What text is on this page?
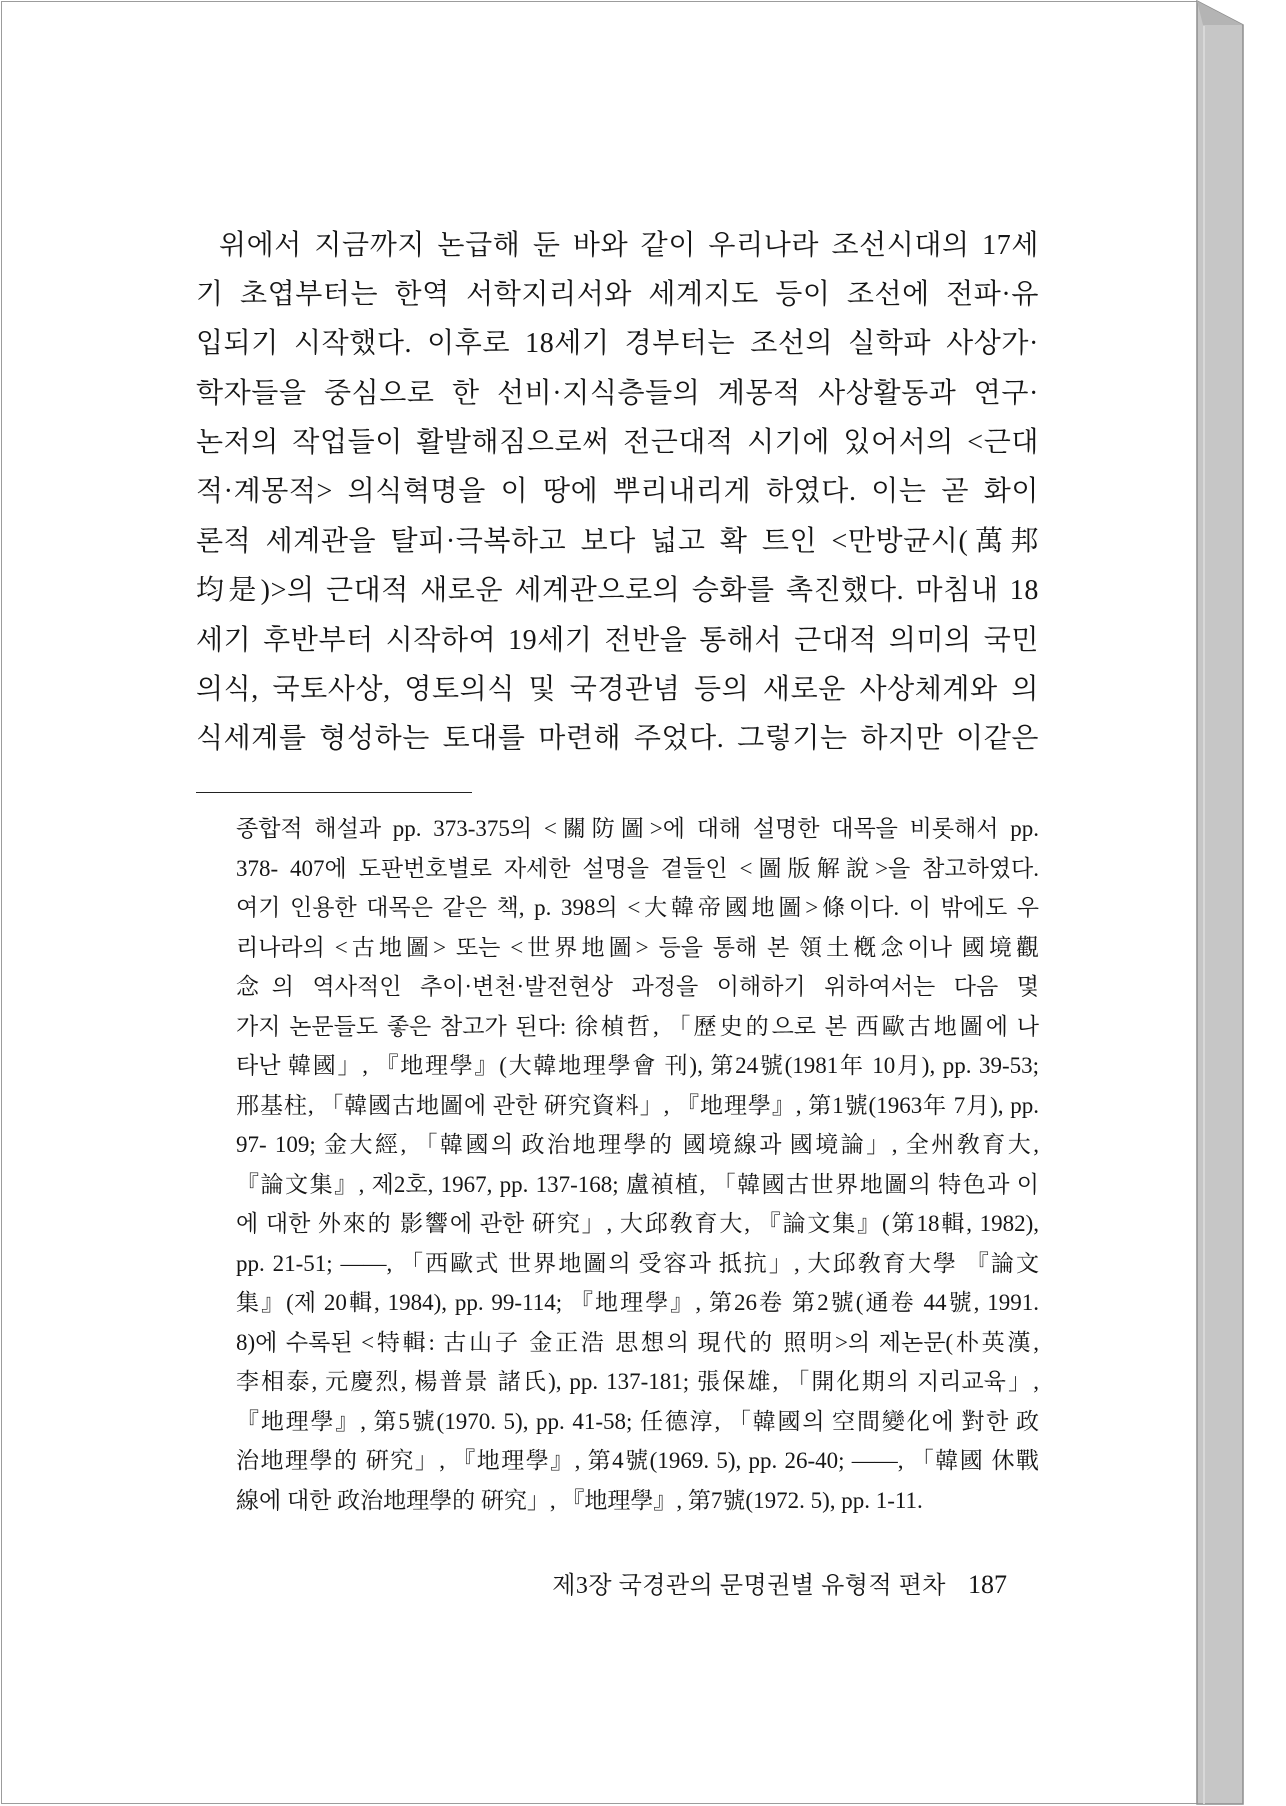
위에서 지금까지 논급해 둔 바와 같이 우리나라 조선시대의 17세
기 초엽부터는 한역 서학지리서와 세계지도 등이 조선에 전파·유
입되기 시작했다. 이후로 18세기 경부터는 조선의 실학파 사상가·
학자들을 중심으로 한 선비·지식층들의 계몽적 사상활동과 연구·
논저의 작업들이 활발해짐으로써 전근대적 시기에 있어서의 <근대
적·계몽적> 의식혁명을 이 땅에 뿌리내리게 하였다. 이는 곧 화이
론적 세계관을 탈피·극복하고 보다 넓고 확 트인 <만방균시(萬邦
均是)>의 근대적 새로운 세계관으로의 승화를 촉진했다. 마침내 18
세기 후반부터 시작하여 19세기 전반을 통해서 근대적 의미의 국민
의식, 국토사상, 영토의식 및 국경관념 등의 새로운 사상체계와 의
식세계를 형성하는 토대를 마련해 주었다. 그렇기는 하지만 이같은
종합적 해설과 pp. 373-375의 <關防圖>에 대해 설명한 대목을 비롯해서 pp.
378- 407에 도판번호별로 자세한 설명을 곁들인 <圖版解說>을 참고하였다.
여기 인용한 대목은 같은 책, p. 398의 <大韓帝國地圖>條이다. 이 밖에도 우
리나라의 <古地圖> 또는 <世界地圖> 등을 통해 본 領土槪念이나 國境觀
念의 역사적인 추이·변천·발전현상 과정을 이해하기 위하여서는 다음 몇
가지 논문들도 좋은 참고가 된다: 徐楨哲, 「歷史的으로 본 西歐古地圖에 나
타난 韓國」, 『地理學』(大韓地理學會 刊), 第24號(1981年 10月), pp. 39-53;
邢基柱, 「韓國古地圖에 관한 硏究資料」, 『地理學』, 第1號(1963年 7月), pp.
97- 109; 金大經, 「韓國의 政治地理學的 國境線과 國境論」, 全州敎育大,
『論文集』, 제2호, 1967, pp. 137-168; 盧禎植, 「韓國古世界地圖의 特色과 이
에 대한 外來的 影響에 관한 硏究」, 大邱敎育大, 『論文集』(第18輯, 1982),
pp. 21-51; ——, 「西歐式 世界地圖의 受容과 抵抗」, 大邱敎育大學 『論文
集』(제 20輯, 1984), pp. 99-114; 『地理學』, 第26卷 第2號(通卷 44號, 1991.
8)에 수록된 <特輯: 古山子 金正浩 思想의 現代的 照明>의 제논문(朴英漢,
李相泰, 元慶烈, 楊普景 諸氏), pp. 137-181; 張保雄, 「開化期의 지리교육」,
『地理學』, 第5號(1970. 5), pp. 41-58; 任德淳, 「韓國의 空間變化에 對한 政
治地理學的 硏究」, 『地理學』, 第4號(1969. 5), pp. 26-40; ——, 「韓國 休戰
線에 대한 政治地理學的 硏究」, 『地理學』, 第7號(1972. 5), pp. 1-11.
제3장 국경관의 문명권별 유형적 편차 187
